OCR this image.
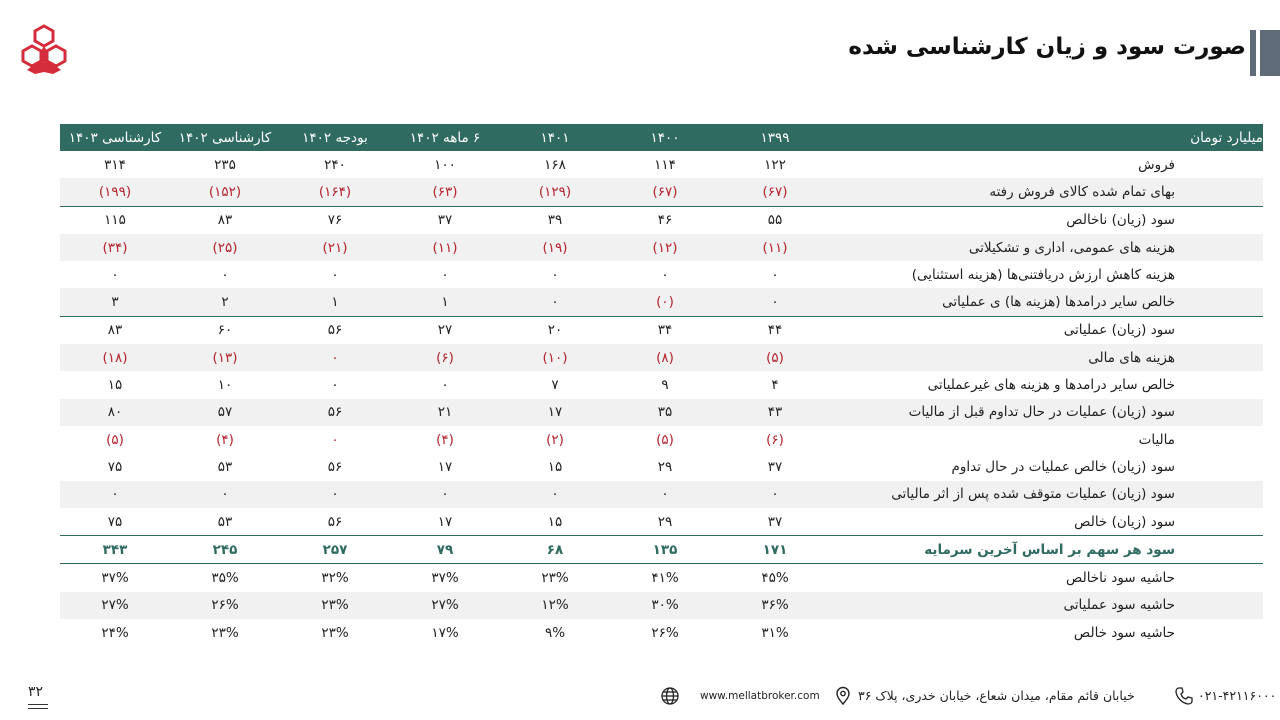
صورت سود و زیان کارشناسی شده
میلیارد تومان	۱۳۹۹	۱۴۰۰	۱۴۰۱	۶ ماهه ۱۴۰۲	بودجه ۱۴۰۲	کارشناسی ۱۴۰۲	کارشناسی ۱۴۰۳
فروش	۱۲۲	۱۱۴	۱۶۸	۱۰۰	۲۴۰	۲۳۵	۳۱۴
بهای تمام شده کالای فروش رفته	(۶۷)	(۶۷)	(۱۲۹)	(۶۳)	(۱۶۴)	(۱۵۲)	(۱۹۹)
سود (زیان) ناخالص	۵۵	۴۶	۳۹	۳۷	۷۶	۸۳	۱۱۵
هزینه های عمومی، اداری و تشکیلاتی	(۱۱)	(۱۲)	(۱۹)	(۱۱)	(۲۱)	(۲۵)	(۳۴)
هزینه کاهش ارزش دریافتنی‌ها (هزینه استثنایی)	۰	۰	۰	۰	۰	۰	۰
خالص سایر درامدها (هزینه ها) ی عملیاتی	۰	(۰)	۰	۱	۱	۲	۳
سود (زیان) عملیاتی	۴۴	۳۴	۲۰	۲۷	۵۶	۶۰	۸۳
هزینه های مالی	(۵)	(۸)	(۱۰)	(۶)	۰	(۱۳)	(۱۸)
خالص سایر درامدها و هزینه های غیرعملیاتی	۴	۹	۷	۰	۰	۱۰	۱۵
سود (زیان) عملیات در حال تداوم قبل از مالیات	۴۳	۳۵	۱۷	۲۱	۵۶	۵۷	۸۰
مالیات	(۶)	(۵)	(۲)	(۴)	۰	(۴)	(۵)
سود (زیان) خالص عملیات در حال تداوم	۳۷	۲۹	۱۵	۱۷	۵۶	۵۳	۷۵
سود (زیان) عملیات متوقف شده پس از اثر مالیاتی	۰	۰	۰	۰	۰	۰	۰
سود (زیان) خالص	۳۷	۲۹	۱۵	۱۷	۵۶	۵۳	۷۵
سود هر سهم بر اساس آخرین سرمایه	۱۷۱	۱۳۵	۶۸	۷۹	۲۵۷	۲۴۵	۳۴۳
حاشیه سود ناخالص	۴۵%	۴۱%	۲۳%	۳۷%	۳۲%	۳۵%	۳۷%
حاشیه سود عملیاتی	۳۶%	۳۰%	۱۲%	۲۷%	۲۳%	۲۶%	۲۷%
حاشیه سود خالص	۳۱%	۲۶%	۹%	۱۷%	۲۳%	۲۳%	۲۴%
۳۲	www.mellatbroker.com	خیابان قائم مقام، میدان شعاع، خیابان خدری، پلاک ۳۶	۰۲۱-۴۲۱۱۶۰۰۰
